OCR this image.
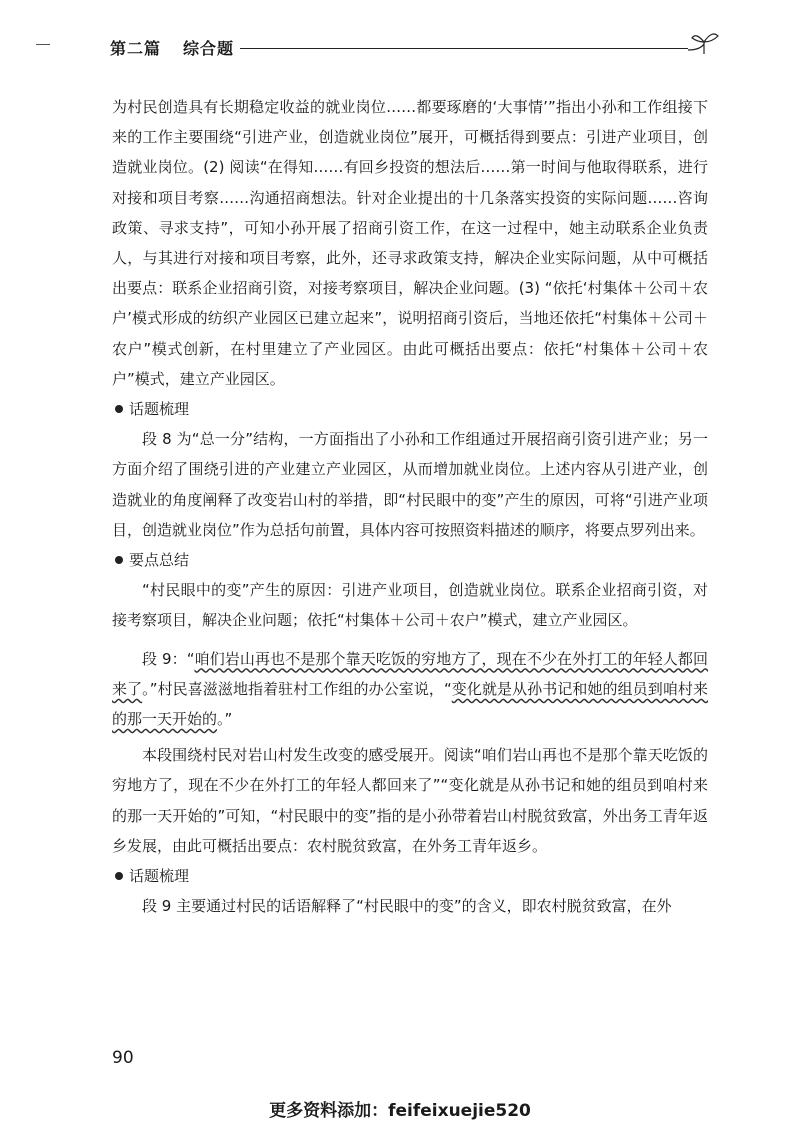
第二篇 综合题

为村民创造具有长期稳定收益的就业岗位……都要琢磨的‘大事情’”指出小孙和工作组接下来的工作主要围绕“引进产业，创造就业岗位”展开，可概括得到要点：引进产业项目，创造就业岗位。(2) 阅读“在得知……有回乡投资的想法后……第一时间与他取得联系，进行对接和项目考察……沟通招商想法。针对企业提出的十几条落实投资的实际问题……咨询政策、寻求支持”，可知小孙开展了招商引资工作，在这一过程中，她主动联系企业负责人，与其进行对接和项目考察，此外，还寻求政策支持，解决企业实际问题，从中可概括出要点：联系企业招商引资，对接考察项目，解决企业问题。(3) “依托‘村集体＋公司＋农户’模式形成的纺织产业园区已建立起来”，说明招商引资后，当地还依托“村集体＋公司＋农户”模式创新，在村里建立了产业园区。由此可概括出要点：依托“村集体＋公司＋农户”模式，建立产业园区。

话题梳理

段 8 为“总一分”结构，一方面指出了小孙和工作组通过开展招商引资引进产业；另一方面介绍了围绕引进的产业建立产业园区，从而增加就业岗位。上述内容从引进产业，创造就业的角度阐释了改变岩山村的举措，即“村民眼中的变”产生的原因，可将“引进产业项目，创造就业岗位”作为总括句前置，具体内容可按照资料描述的顺序，将要点罗列出来。

要点总结

“村民眼中的变”产生的原因：引进产业项目，创造就业岗位。联系企业招商引资，对接考察项目，解决企业问题；依托“村集体＋公司＋农户”模式，建立产业园区。

段 9：“咱们岩山再也不是那个靠天吃饭的穷地方了，现在不少在外打工的年轻人都回来了。”村民喜滋滋地指着驻村工作组的办公室说，“变化就是从孙书记和她的组员到咱村来的那一天开始的。”

本段围绕村民对岩山村发生改变的感受展开。阅读“咱们岩山再也不是那个靠天吃饭的穷地方了，现在不少在外打工的年轻人都回来了”“变化就是从孙书记和她的组员到咱村来的那一天开始的”可知，“村民眼中的变”指的是小孙带着岩山村脱贫致富，外出务工青年返乡发展，由此可概括出要点：农村脱贫致富，在外务工青年返乡。

话题梳理

段 9 主要通过村民的话语解释了“村民眼中的变”的含义，即农村脱贫致富，在外

90
更多资料添加：feifeixuejie520
